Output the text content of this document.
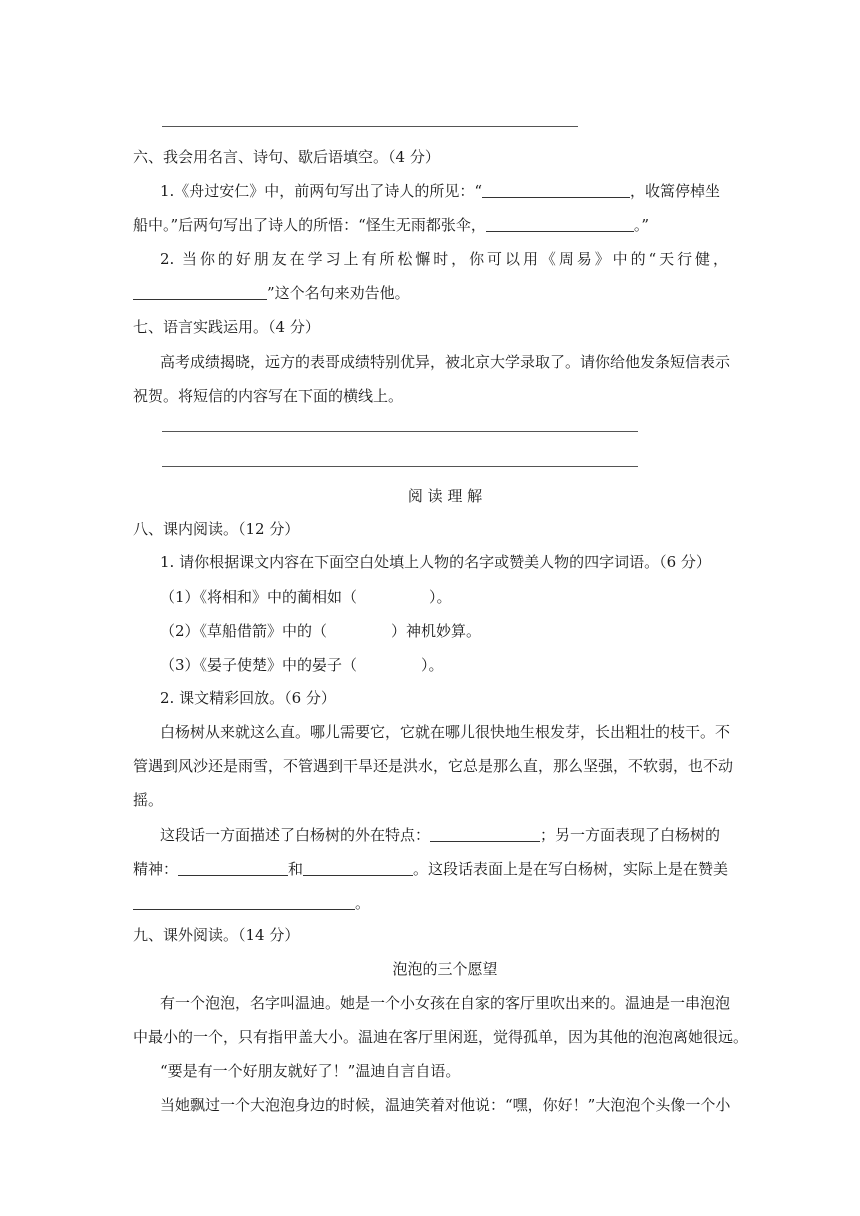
六、我会用名言、诗句、歇后语填空。（4 分）
1.《舟过安仁》中，前两句写出了诗人的所见：“	，收篙停棹坐
船中。”后两句写出了诗人的所悟：“怪生无雨都张伞，	。”
2. 当你的好朋友在学习上有所松懈时，你可以用《周易》中的“天行健，
”这个名句来劝告他。
七、语言实践运用。（4 分）
高考成绩揭晓，远方的表哥成绩特别优异，被北京大学录取了。请你给他发条短信表示
祝贺。将短信的内容写在下面的横线上。
阅 读 理 解
八、课内阅读。（12 分）
1. 请你根据课文内容在下面空白处填上人物的名字或赞美人物的四字词语。（6 分）
（1）《将相和》中的蔺相如（	）。
（2）《草船借箭》中的（	）神机妙算。
（3）《晏子使楚》中的晏子（	）。
2. 课文精彩回放。（6 分）
白杨树从来就这么直。哪儿需要它，它就在哪儿很快地生根发芽，长出粗壮的枝干。不
管遇到风沙还是雨雪，不管遇到干旱还是洪水，它总是那么直，那么坚强，不软弱，也不动
摇。
这段话一方面描述了白杨树的外在特点：	；另一方面表现了白杨树的
精神：	和	。这段话表面上是在写白杨树，实际上是在赞美
。
九、课外阅读。（14 分）
泡泡的三个愿望
有一个泡泡，名字叫温迪。她是一个小女孩在自家的客厅里吹出来的。温迪是一串泡泡
中最小的一个，只有指甲盖大小。温迪在客厅里闲逛，觉得孤单，因为其他的泡泡离她很远。
“要是有一个好朋友就好了！”温迪自言自语。
当她飘过一个大泡泡身边的时候，温迪笑着对他说：“嘿，你好！”大泡泡个头像一个小
